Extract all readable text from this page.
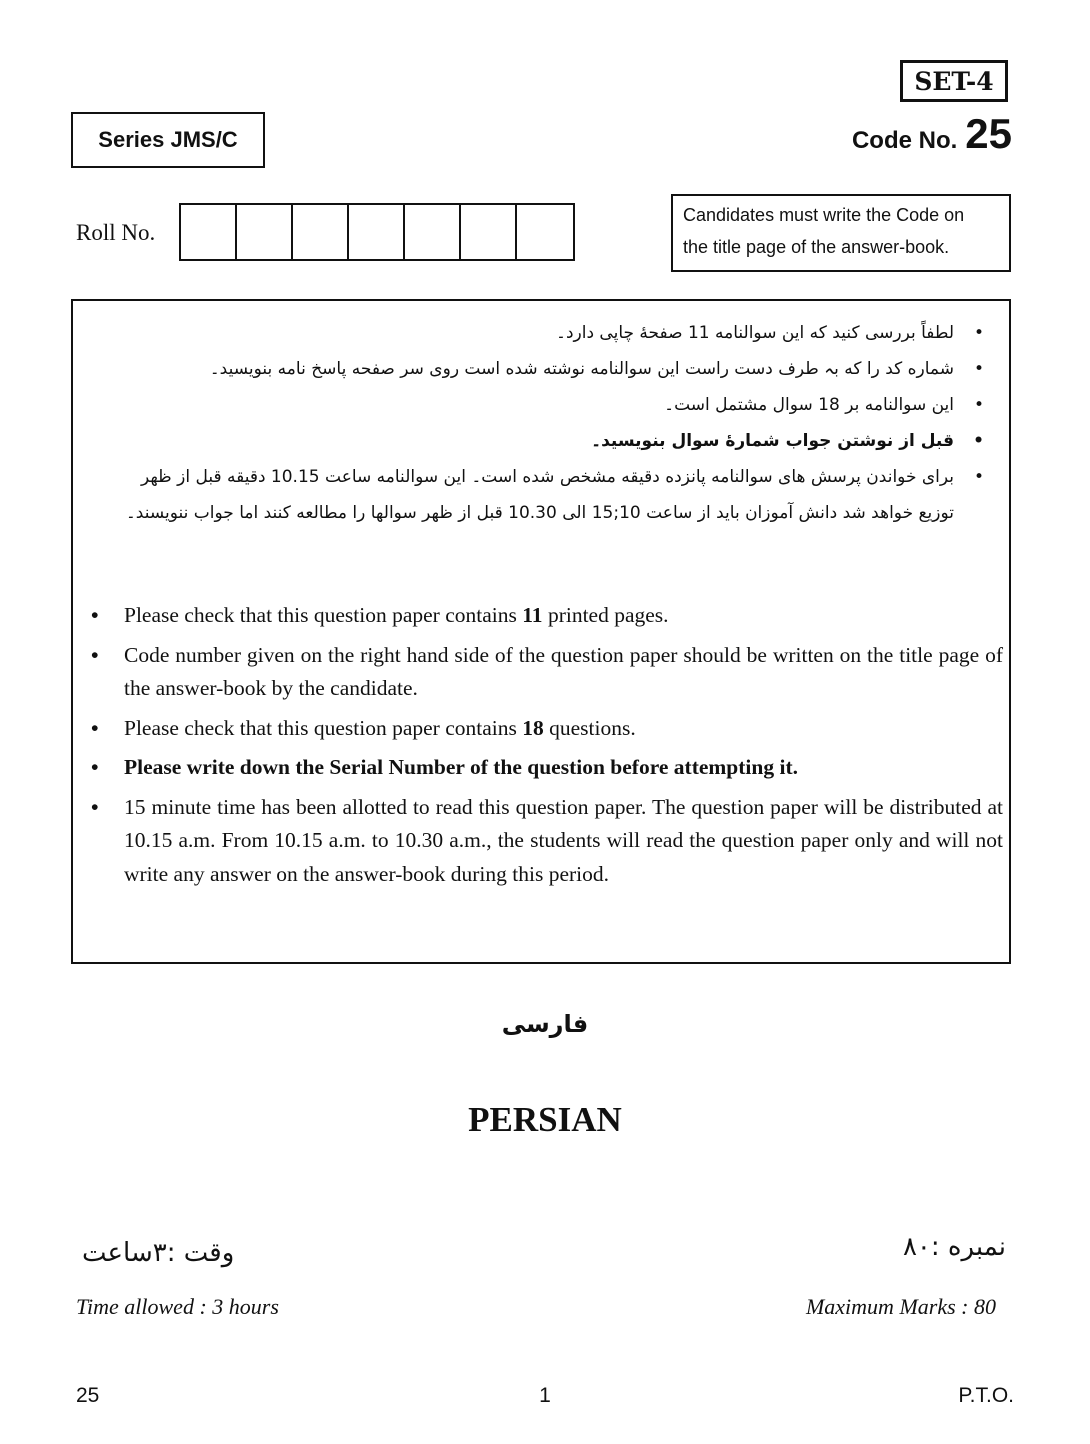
SET-4
Code No. 25
Series JMS/C
Roll No.
Candidates must write the Code on
the title page of the answer-book.
•
لطفاً بررسی کنید که این سوالنامه 11 صفحهٔ چاپی دارد۔
•
شماره کد را که بہ طرف دست راست این سوالنامه نوشته شده است روی سر صفحه پاسخ نامه بنویسید۔
•
این سوالنامه بر 18 سوال مشتمل است۔
•
قبل از نوشتن جواب شمارهٔ سوال بنویسید۔
•
برای خواندن پرسش های سوالنامه پانزده دقیقه مشخص شده است۔ این سوالنامه ساعت 10.15 دقیقه قبل از ظهر توزیع خواهد شد دانش آموزان باید از ساعت 10;15 الی 10.30 قبل از ظهر سوالها را مطالعه کنند اما جواب ننویسند۔
• Please check that this question paper contains 11 printed pages.
• Code number given on the right hand side of the question paper should be written on the title page of the answer-book by the candidate.
• Please check that this question paper contains 18 questions.
• Please write down the Serial Number of the question before attempting it.
• 15 minute time has been allotted to read this question paper. The question paper will be distributed at 10.15 a.m. From 10.15 a.m. to 10.30 a.m., the students will read the question paper only and will not write any answer on the answer-book during this period.
فارسی
PERSIAN
وقت :۳ساعت	نمبره :۸۰
Time allowed : 3 hours	Maximum Marks : 80
25	1	P.T.O.
